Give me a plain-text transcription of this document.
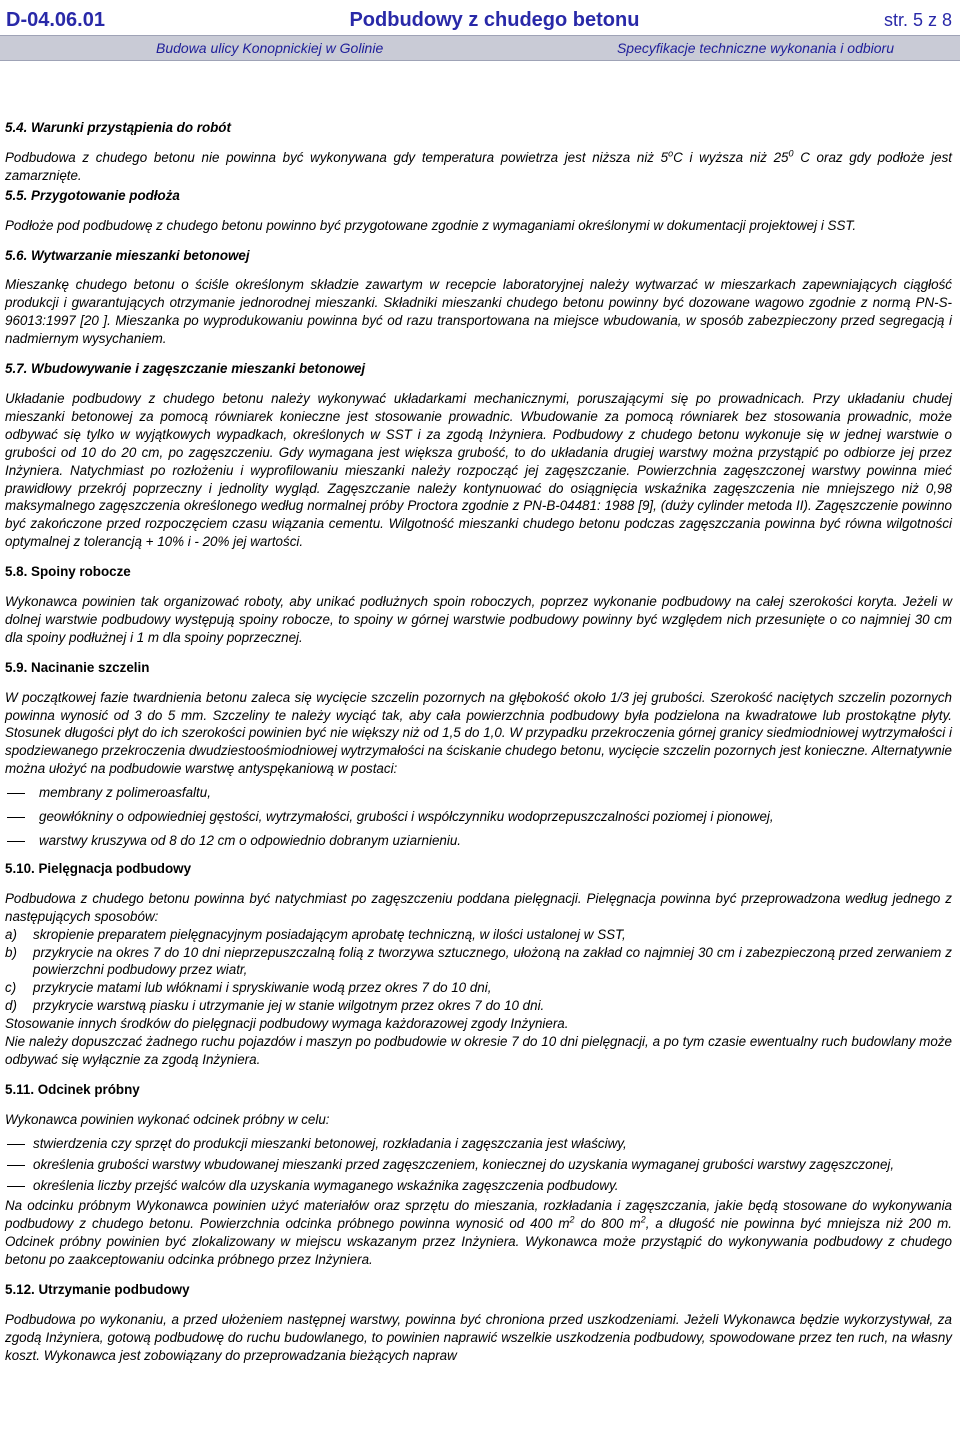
D-04.06.01	Podbudowy z chudego betonu	str. 5 z 8
Budowa ulicy Konopnickiej w Golinie	Specyfikacje techniczne wykonania i odbioru
5.4. Warunki przystąpienia do robót

Podbudowa z chudego betonu nie powinna być wykonywana gdy temperatura powietrza jest niższa niż 5$^o$C i wyższa niż $25^0$ C oraz gdy podłoże jest zamarznięte.

5.5. Przygotowanie podłoża

Podłoże pod podbudowę z chudego betonu powinno być przygotowane zgodnie z wymaganiami określonymi w dokumentacji projektowej i SST.

5.6. Wytwarzanie mieszanki betonowej

Mieszankę chudego betonu o ściśle określonym składzie zawartym w recepcie laboratoryjnej należy wytwarzać w mieszarkach zapewniających ciągłość produkcji i gwarantujących otrzymanie jednorodnej mieszanki. Składniki mieszanki chudego betonu powinny być dozowane wagowo zgodnie z normą PN-S-96013:1997 [20 ]. Mieszanka po wyprodukowaniu powinna być od razu transportowana na miejsce wbudowania, w sposób zabezpieczony przed segregacją i nadmiernym wysychaniem.

5.7. Wbudowywanie i zagęszczanie mieszanki betonowej

Układanie podbudowy z chudego betonu należy wykonywać układarkami mechanicznymi, poruszającymi się po prowadnicach. Przy układaniu chudej mieszanki betonowej za pomocą równiarek konieczne jest stosowanie prowadnic. Wbudowanie za pomocą równiarek bez stosowania prowadnic, może odbywać się tylko w wyjątkowych wypadkach, określonych w SST i za zgodą Inżyniera. Podbudowy z chudego betonu wykonuje się w jednej warstwie o grubości od 10 do 20 cm, po zagęszczeniu. Gdy wymagana jest większa grubość, to do układania drugiej warstwy można przystąpić po odbiorze jej przez Inżyniera. Natychmiast po rozłożeniu i wyprofilowaniu mieszanki należy rozpocząć jej zagęszczanie. Powierzchnia zagęszczonej warstwy powinna mieć prawidłowy przekrój poprzeczny i jednolity wygląd. Zagęszczanie należy kontynuować do osiągnięcia wskaźnika zagęszczenia nie mniejszego niż 0,98 maksymalnego zagęszczenia określonego według normalnej próby Proctora zgodnie z PN-B-04481: 1988 [9], (duży cylinder metoda II). Zagęszczenie powinno być zakończone przed rozpoczęciem czasu wiązania cementu. Wilgotność mieszanki chudego betonu podczas zagęszczania powinna być równa wilgotności optymalnej z tolerancją + 10% i - 20% jej wartości.

5.8. Spoiny robocze

Wykonawca powinien tak organizować roboty, aby unikać podłużnych spoin roboczych, poprzez wykonanie podbudowy na całej szerokości koryta. Jeżeli w dolnej warstwie podbudowy występują spoiny robocze, to spoiny w górnej warstwie podbudowy powinny być względem nich przesunięte o co najmniej 30 cm dla spoiny podłużnej i 1 m dla spoiny poprzecznej.

5.9. Nacinanie szczelin

W początkowej fazie twardnienia betonu zaleca się wycięcie szczelin pozornych na głębokość około 1/3 jej grubości. Szerokość naciętych szczelin pozornych powinna wynosić od 3 do 5 mm. Szczeliny te należy wyciąć tak, aby cała powierzchnia podbudowy była podzielona na kwadratowe lub prostokątne płyty. Stosunek długości płyt do ich szerokości powinien być nie większy niż od 1,5 do 1,0. W przypadku przekroczenia górnej granicy siedmiodniowej wytrzymałości i spodziewanego przekroczenia dwudziestoośmiodniowej wytrzymałości na ściskanie chudego betonu, wycięcie szczelin pozornych jest konieczne. Alternatywnie można ułożyć na podbudowie warstwę antyspękaniową w postaci:

membrany z polimeroasfaltu,
geowłókniny o odpowiedniej gęstości, wytrzymałości, grubości i współczynniku wodoprzepuszczalności poziomej i pionowej,
warstwy kruszywa od 8 do 12 cm o odpowiednio dobranym uziarnieniu.
5.10. Pielęgnacja podbudowy

Podbudowa z chudego betonu powinna być natychmiast po zagęszczeniu poddana pielęgnacji. Pielęgnacja powinna być przeprowadzona według jednego z następujących sposobów:

a) skropienie preparatem pielęgnacyjnym posiadającym aprobatę techniczną, w ilości ustalonej w SST,
b) przykrycie na okres 7 do 10 dni nieprzepuszczalną folią z tworzywa sztucznego, ułożoną na zakład co najmniej 30 cm i zabezpieczoną przed zerwaniem z powierzchni podbudowy przez wiatr,
c) przykrycie matami lub włóknami i spryskiwanie wodą przez okres 7 do 10 dni,
d) przykrycie warstwą piasku i utrzymanie jej w stanie wilgotnym przez okres 7 do 10 dni.

Stosowanie innych środków do pielęgnacji podbudowy wymaga każdorazowej zgody Inżyniera.

Nie należy dopuszczać żadnego ruchu pojazdów i maszyn po podbudowie w okresie 7 do 10 dni pielęgnacji, a po tym czasie ewentualny ruch budowlany może odbywać się wyłącznie za zgodą Inżyniera.

5.11. Odcinek próbny

Wykonawca powinien wykonać odcinek próbny w celu:

stwierdzenia czy sprzęt do produkcji mieszanki betonowej, rozkładania i zagęszczania jest właściwy,
określenia grubości warstwy wbudowanej mieszanki przed zagęszczeniem, koniecznej do uzyskania wymaganej grubości warstwy zagęszczonej,
określenia liczby przejść walców dla uzyskania wymaganego wskaźnika zagęszczenia podbudowy.

Na odcinku próbnym Wykonawca powinien użyć materiałów oraz sprzętu do mieszania, rozkładania i zagęszczania, jakie będą stosowane do wykonywania podbudowy z chudego betonu. Powierzchnia odcinka próbnego powinna wynosić od 400 $m^2$ do 800 $m^2$, a długość nie powinna być mniejsza niż 200 m. Odcinek próbny powinien być zlokalizowany w miejscu wskazanym przez Inżyniera. Wykonawca może przystąpić do wykonywania podbudowy z chudego betonu po zaakceptowaniu odcinka próbnego przez Inżyniera.

5.12. Utrzymanie podbudowy

Podbudowa po wykonaniu, a przed ułożeniem następnej warstwy, powinna być chroniona przed uszkodzeniami. Jeżeli Wykonawca będzie wykorzystywał, za zgodą Inżyniera, gotową podbudowę do ruchu budowlanego, to powinien naprawić wszelkie uszkodzenia podbudowy, spowodowane przez ten ruch, na własny koszt. Wykonawca jest zobowiązany do przeprowadzania bieżących napraw
